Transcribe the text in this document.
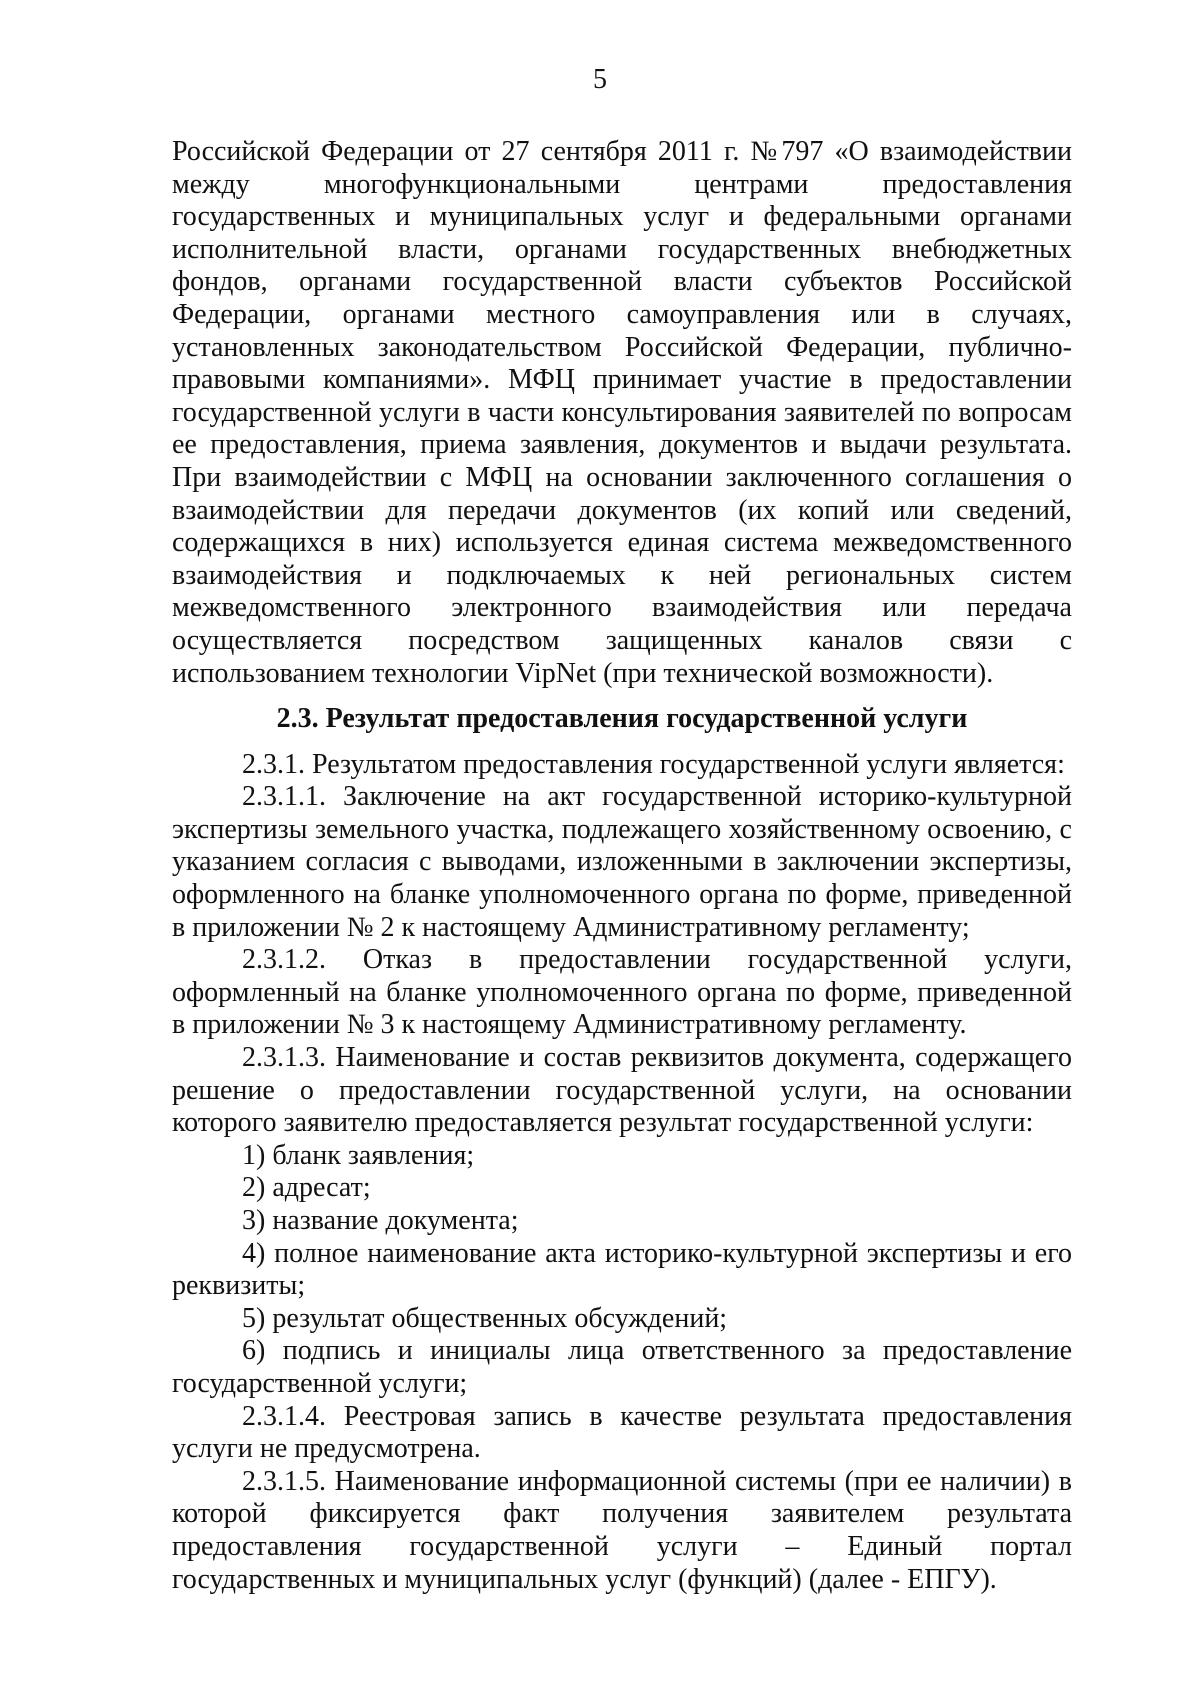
5

Российской Федерации от 27 сентября 2011 г. №797 «О взаимодействии между многофункциональными центрами предоставления государственных и муниципальных услуг и федеральными органами исполнительной власти, органами государственных внебюджетных фондов, органами государственной власти субъектов Российской Федерации, органами местного самоуправления или в случаях, установленных законодательством Российской Федерации, публично-правовыми компаниями». МФЦ принимает участие в предоставлении государственной услуги в части консультирования заявителей по вопросам ее предоставления, приема заявления, документов и выдачи результата. При взаимодействии с МФЦ на основании заключенного соглашения о взаимодействии для передачи документов (их копий или сведений, содержащихся в них) используется единая система межведомственного взаимодействия и подключаемых к ней региональных систем межведомственного электронного взаимодействия или передача осуществляется посредством защищенных каналов связи с использованием технологии VipNet (при технической возможности).

2.3. Результат предоставления государственной услуги

2.3.1. Результатом предоставления государственной услуги является:

2.3.1.1. Заключение на акт государственной историко-культурной экспертизы земельного участка, подлежащего хозяйственному освоению, с указанием согласия с выводами, изложенными в заключении экспертизы, оформленного на бланке уполномоченного органа по форме, приведенной в приложении № 2 к настоящему Административному регламенту;

2.3.1.2. Отказ в предоставлении государственной услуги, оформленный на бланке уполномоченного органа по форме, приведенной в приложении № 3 к настоящему Административному регламенту.

2.3.1.3. Наименование и состав реквизитов документа, содержащего решение о предоставлении государственной услуги, на основании которого заявителю предоставляется результат государственной услуги:

1) бланк заявления;

2) адресат;

3) название документа;

4) полное наименование акта историко-культурной экспертизы и его реквизиты;

5) результат общественных обсуждений;

6) подпись и инициалы лица ответственного за предоставление государственной услуги;

2.3.1.4. Реестровая запись в качестве результата предоставления услуги не предусмотрена.

2.3.1.5. Наименование информационной системы (при ее наличии) в которой фиксируется факт получения заявителем результата предоставления государственной услуги – Единый портал государственных и муниципальных услуг (функций) (далее - ЕПГУ).
